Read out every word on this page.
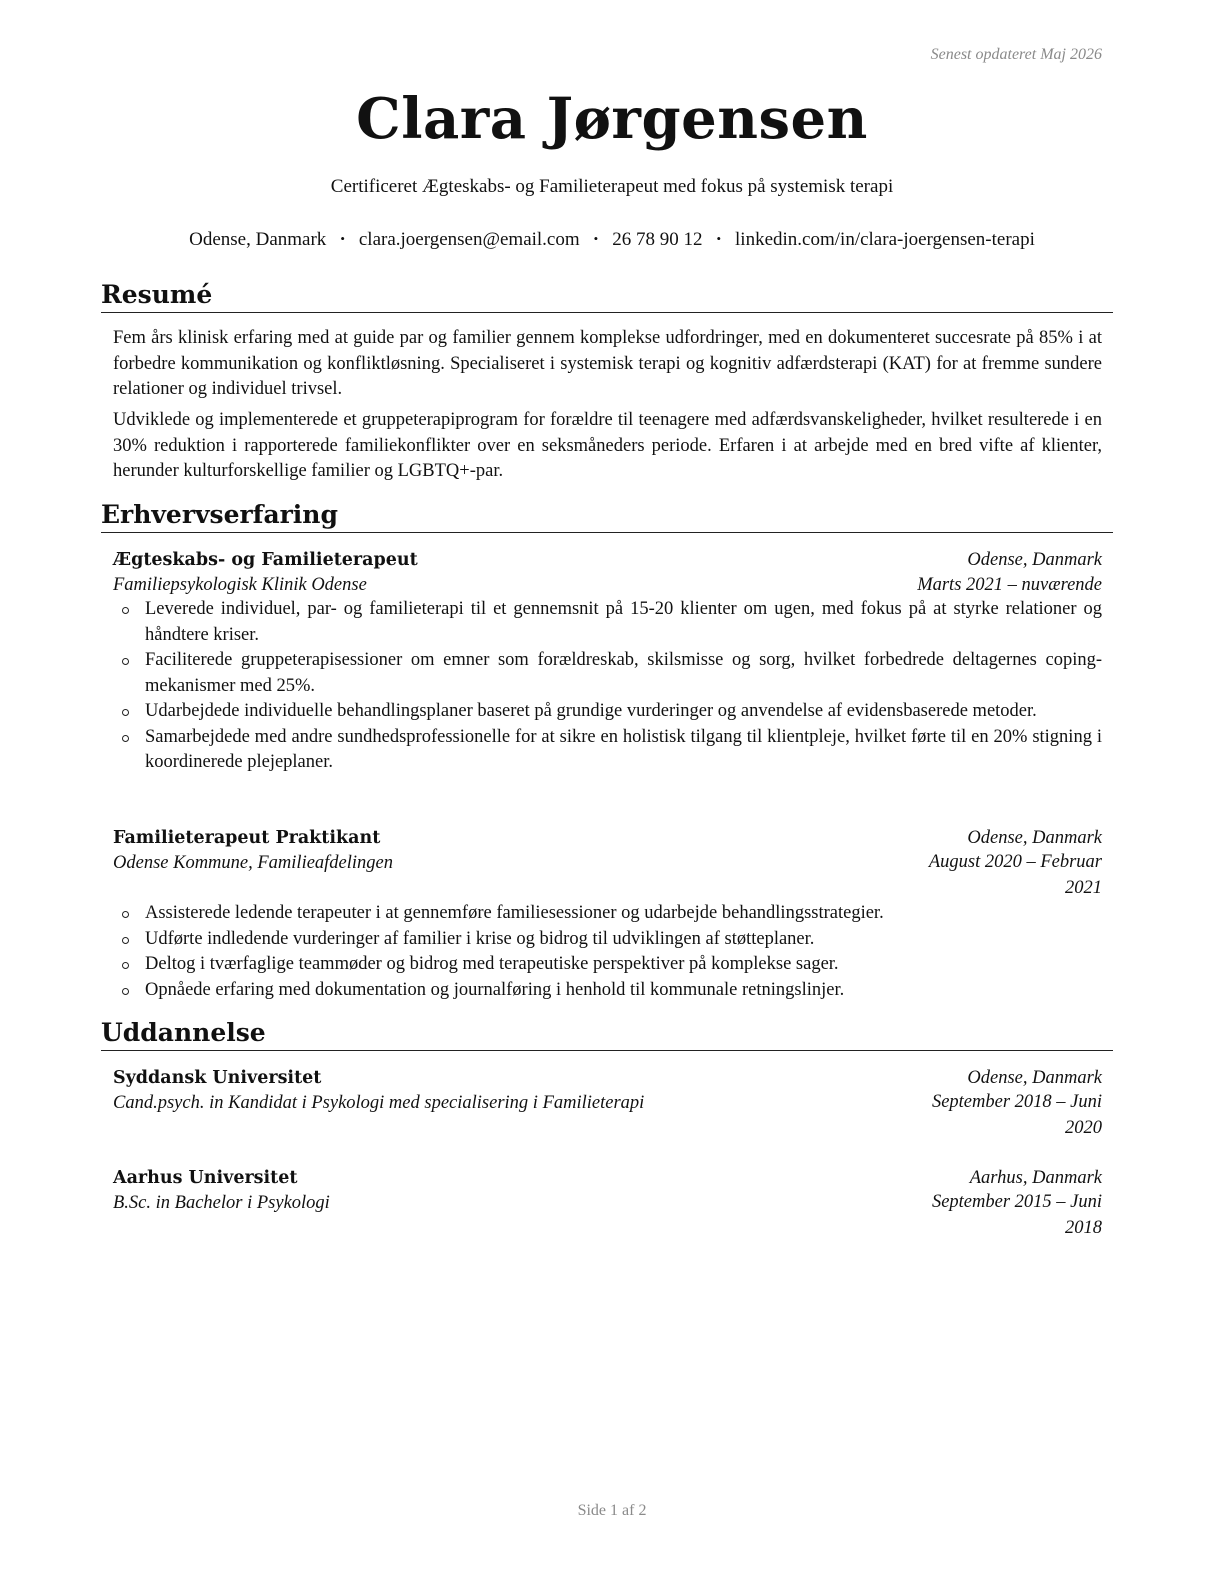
Senest opdateret Maj 2026
Clara Jørgensen
Certificeret Ægteskabs- og Familieterapeut med fokus på systemisk terapi
Odense, Danmark • clara.joergensen@email.com • 26 78 90 12 • linkedin.com/in/clara-joergensen-terapi
Resumé

Fem års klinisk erfaring med at guide par og familier gennem komplekse udfordringer, med en dokumenteret succesrate på 85% i at forbedre kommunikation og konfliktløsning. Specialiseret i systemisk terapi og kognitiv adfærdsterapi (KAT) for at fremme sundere relationer og individuel trivsel.

Udviklede og implementerede et gruppeterapiprogram for forældre til teenagere med adfærdsvanskeligheder, hvilket resulterede i en 30% reduktion i rapporterede familiekonflikter over en seksmåneders periode. Erfaren i at arbejde med en bred vifte af klienter, herunder kulturforskellige familier og LGBTQ+-par.

Erhvervserfaring
Ægteskabs- og Familieterapeut	Odense, Danmark
Familiepsykologisk Klinik Odense	Marts 2021 – nuværende
Leverede individuel, par- og familieterapi til et gennemsnit på 15-20 klienter om ugen, med fokus på at styrke relationer og håndtere kriser.
Faciliterede gruppeterapisessioner om emner som forældreskab, skilsmisse og sorg, hvilket forbedrede deltagernes coping-mekanismer med 25%.
Udarbejdede individuelle behandlingsplaner baseret på grundige vurderinger og anvendelse af evidensbaserede metoder.
Samarbejdede med andre sundhedsprofessionelle for at sikre en holistisk tilgang til klientpleje, hvilket førte til en 20% stigning i koordinerede plejeplaner.
Familieterapeut Praktikant	Odense, Danmark
Odense Kommune, Familieafdelingen	August 2020 – Februar
2021
Assisterede ledende terapeuter i at gennemføre familiesessioner og udarbejde behandlingsstrategier.
Udførte indledende vurderinger af familier i krise og bidrog til udviklingen af støtteplaner.
Deltog i tværfaglige teammøder og bidrog med terapeutiske perspektiver på komplekse sager.
Opnåede erfaring med dokumentation og journalføring i henhold til kommunale retningslinjer.
Uddannelse
Syddansk Universitet	Odense, Danmark
Cand.psych. in Kandidat i Psykologi med specialisering i Familieterapi	September 2018 – Juni
2020
Aarhus Universitet	Aarhus, Danmark
B.Sc. in Bachelor i Psykologi	September 2015 – Juni
2018
Side 1 af 2
